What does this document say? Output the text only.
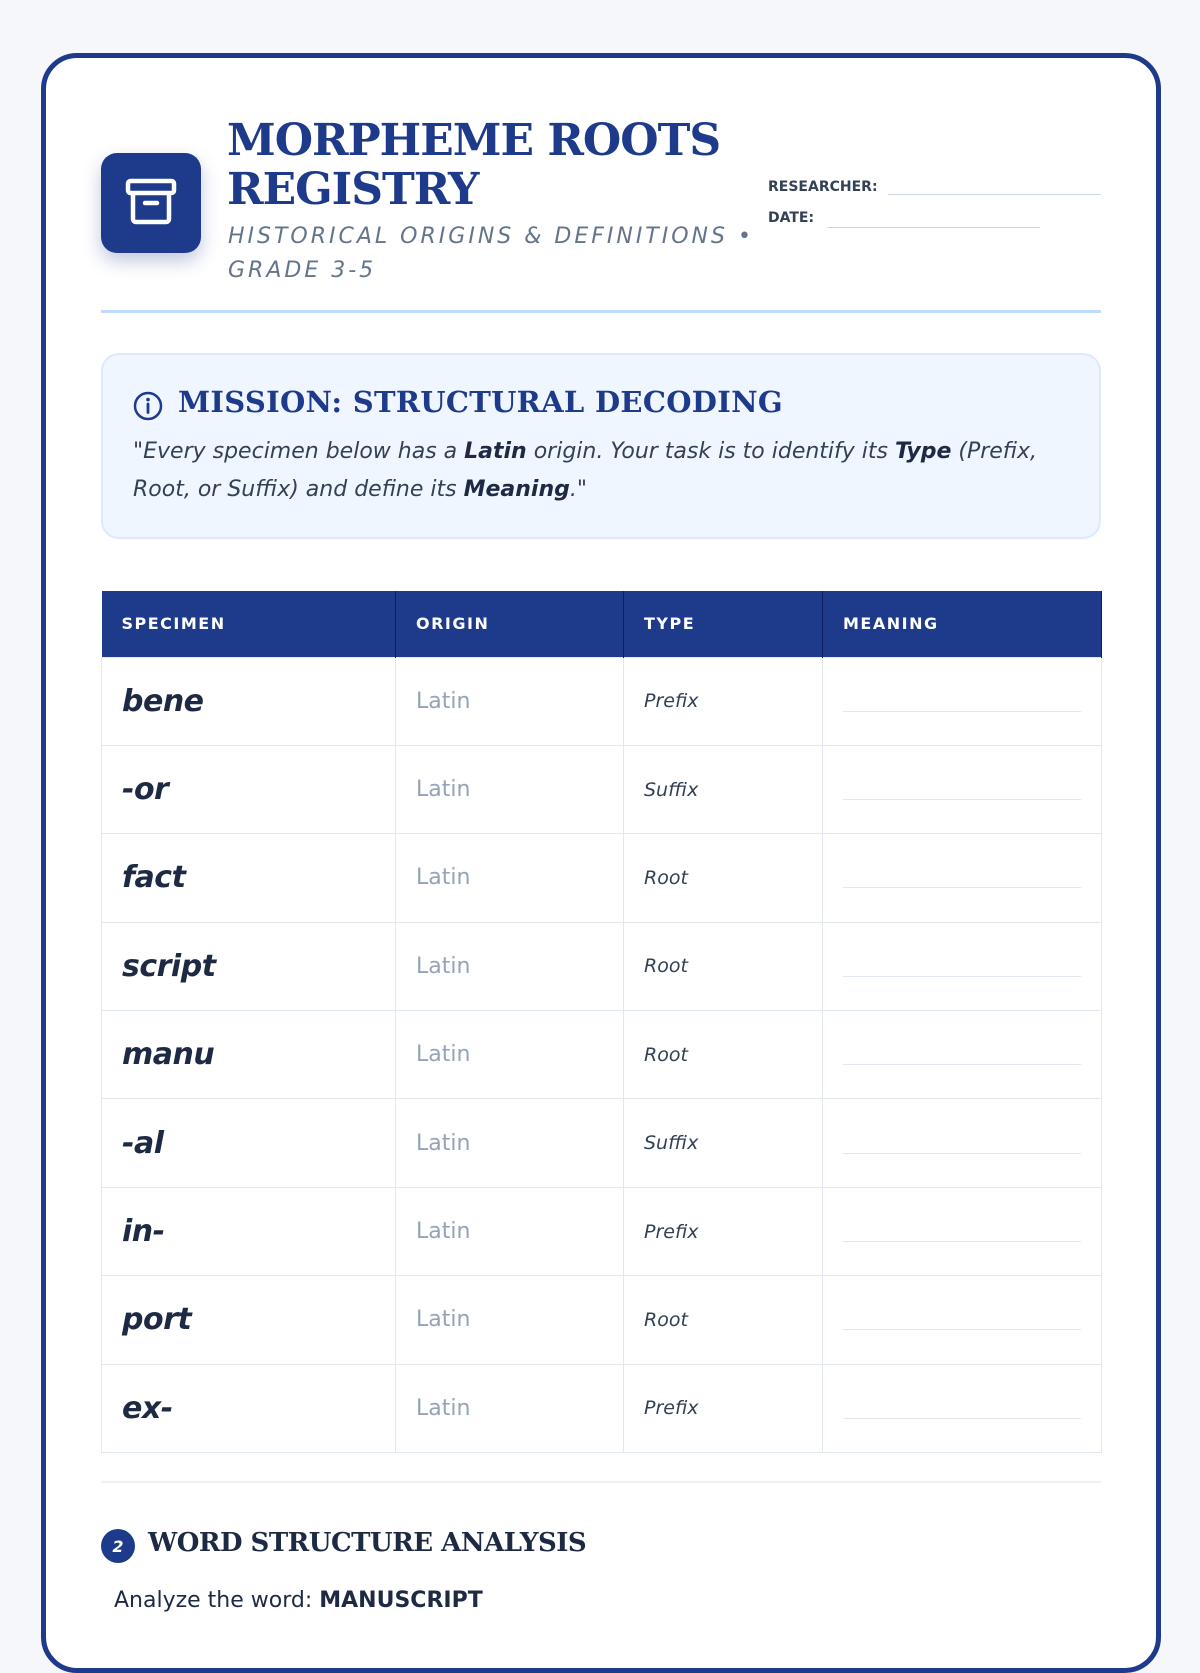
MORPHEME ROOTS REGISTRY
HISTORICAL ORIGINS & DEFINITIONS • GRADE 3-5
RESEARCHER:
DATE:
MISSION: STRUCTURAL DECODING
"Every specimen below has a Latin origin. Your task is to identify its Type (Prefix, Root, or Suffix) and define its Meaning."
SPECIMEN	ORIGIN	TYPE	MEANING
bene	Latin	Prefix	

-or	Latin	Suffix	

fact	Latin	Root	

script	Latin	Root	

manu	Latin	Root	

-al	Latin	Suffix	

in-	Latin	Prefix	

port	Latin	Root	

ex-	Latin	Prefix	
2 WORD STRUCTURE ANALYSIS
Analyze the word: MANUSCRIPT
